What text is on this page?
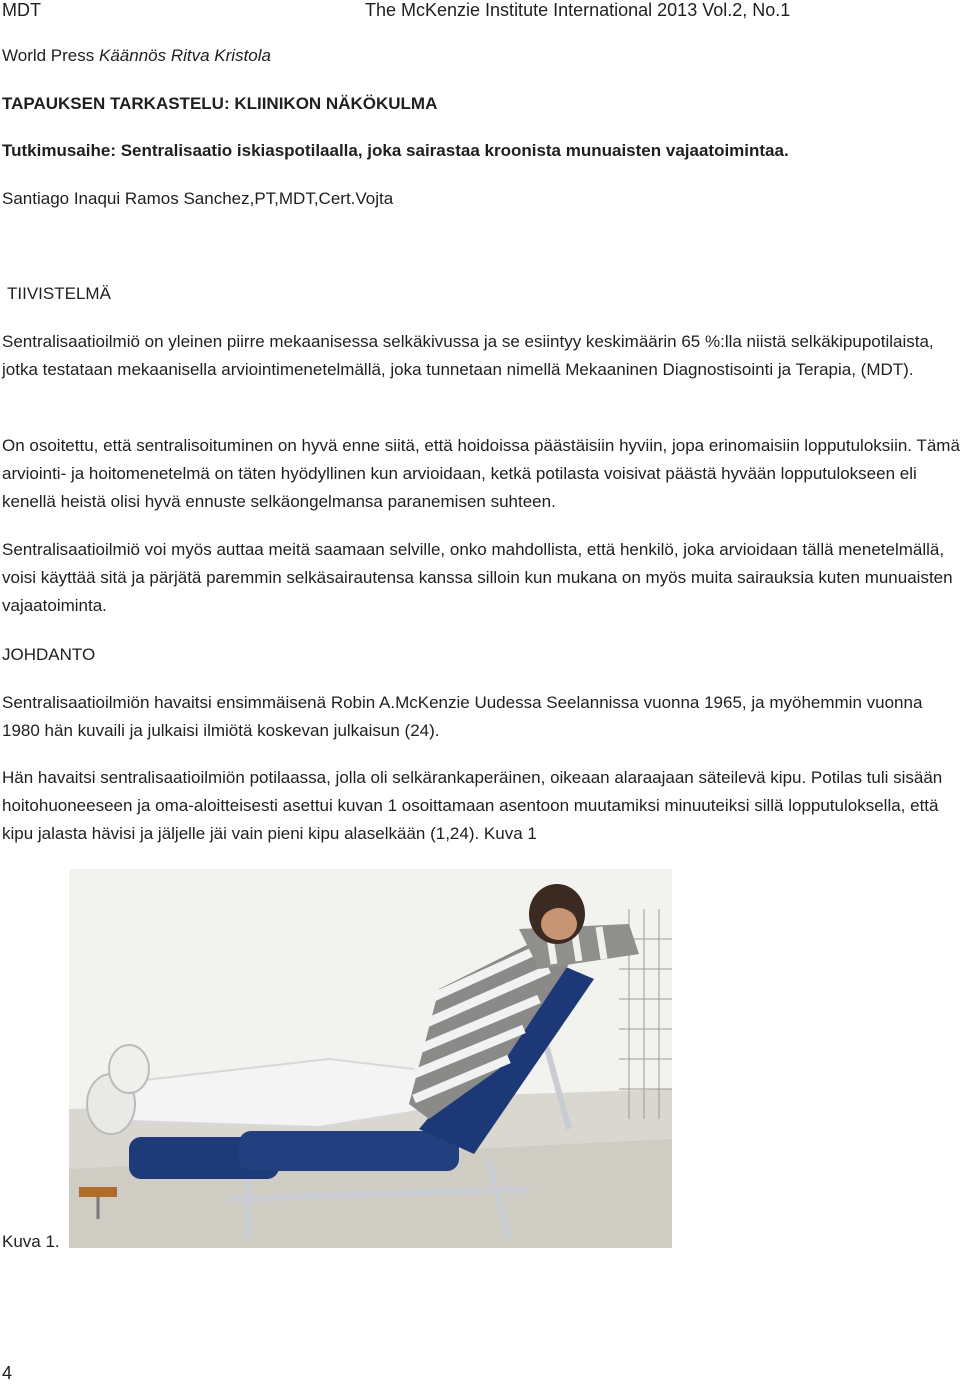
MDT	The McKenzie Institute International 2013 Vol.2, No.1
World Press Käännös Ritva Kristola
TAPAUKSEN TARKASTELU: KLIINIKON NÄKÖKULMA
Tutkimusaihe: Sentralisaatio iskiaspotilaalla, joka sairastaa kroonista munuaisten vajaatoimintaa.
Santiago Inaqui Ramos Sanchez,PT,MDT,Cert.Vojta
TIIVISTELMÄ

Sentralisaatioilmiö on yleinen piirre mekaanisessa selkäkivussa ja se esiintyy keskimäärin 65 %:lla niistä selkäkipupotilaista, jotka testataan mekaanisella arviointimenetelmällä, joka tunnetaan nimellä Mekaaninen Diagnostisointi ja Terapia, (MDT).

On osoitettu, että sentralisoituminen on hyvä enne siitä, että hoidoissa päästäisiin hyviin, jopa erinomaisiin lopputuloksiin. Tämä arviointi- ja hoitomenetelmä on täten hyödyllinen kun arvioidaan, ketkä potilasta voisivat päästä hyvään lopputulokseen eli kenellä heistä olisi hyvä ennuste selkäongelmansa paranemisen suhteen.

Sentralisaatioilmiö voi myös auttaa meitä saamaan selville, onko mahdollista, että henkilö, joka arvioidaan tällä menetelmällä, voisi käyttää sitä ja pärjätä paremmin selkäsairautensa kanssa silloin kun mukana on myös muita sairauksia kuten munuaisten vajaatoiminta.

JOHDANTO

Sentralisaatioilmiön havaitsi ensimmäisenä Robin A.McKenzie Uudessa Seelannissa vuonna 1965, ja myöhemmin vuonna 1980 hän kuvaili ja julkaisi ilmiötä koskevan julkaisun (24).

Hän havaitsi sentralisaatioilmiön potilaassa, jolla oli selkärankaperäinen, oikeaan alaraajaan säteilevä kipu. Potilas tuli sisään hoitohuoneeseen ja oma-aloitteisesti asettui kuvan 1 osoittamaan asentoon muutamiksi minuuteiksi sillä lopputuloksella, että kipu jalasta hävisi ja jäljelle jäi vain pieni kipu alaselkään (1,24). Kuva 1

Kuva 1.
4
